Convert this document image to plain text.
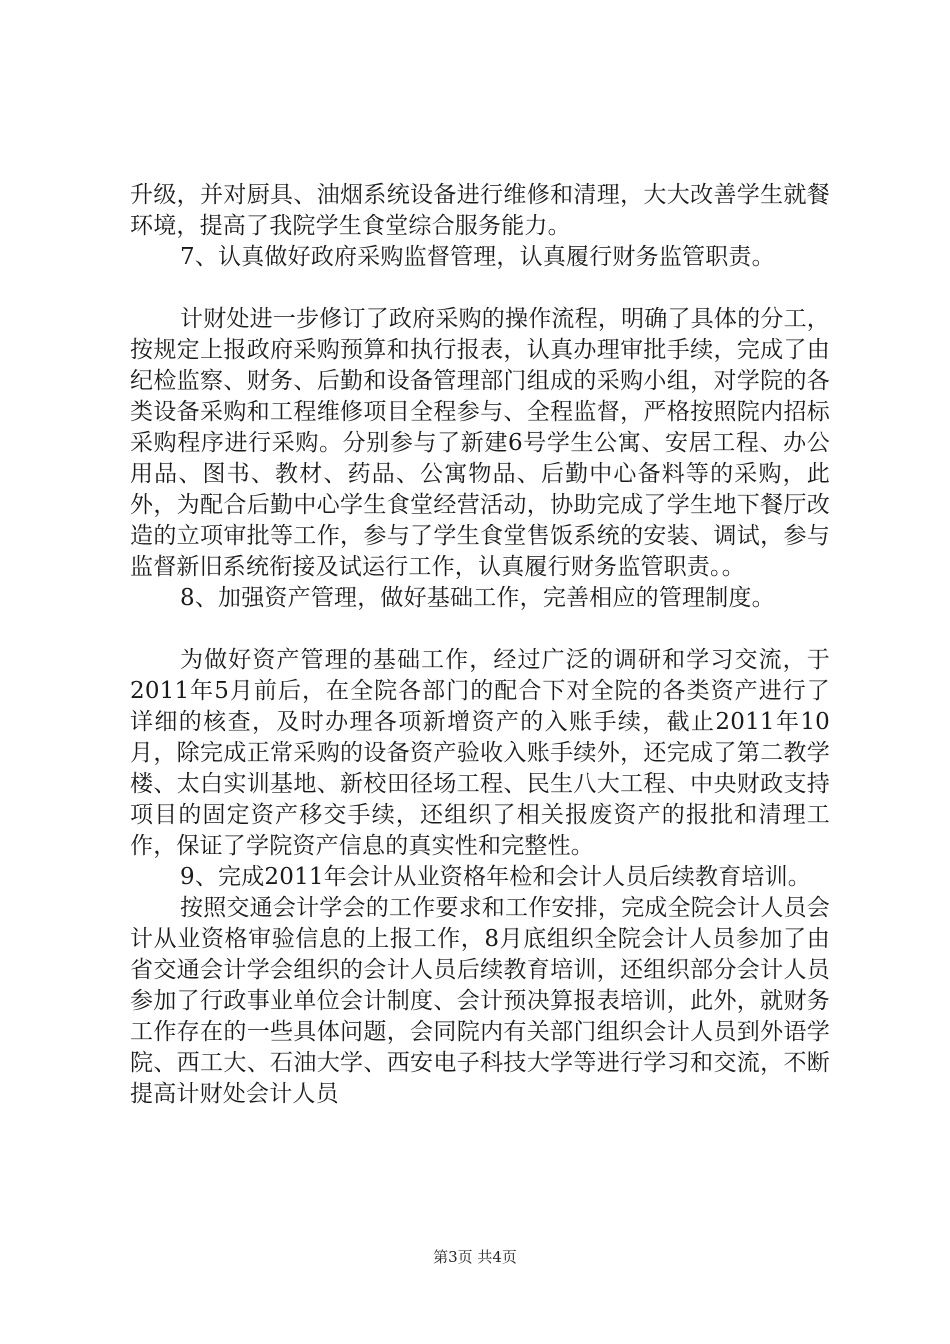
升级，并对厨具、油烟系统设备进行维修和清理，大大改善学生就餐环境，提高了我院学生食堂综合服务能力。

7、认真做好政府采购监督管理，认真履行财务监管职责。

计财处进一步修订了政府采购的操作流程，明确了具体的分工，按规定上报政府采购预算和执行报表，认真办理审批手续，完成了由纪检监察、财务、后勤和设备管理部门组成的采购小组，对学院的各类设备采购和工程维修项目全程参与、全程监督，严格按照院内招标采购程序进行采购。分别参与了新建6号学生公寓、安居工程、办公用品、图书、教材、药品、公寓物品、后勤中心备料等的采购，此外，为配合后勤中心学生食堂经营活动，协助完成了学生地下餐厅改造的立项审批等工作，参与了学生食堂售饭系统的安装、调试，参与监督新旧系统衔接及试运行工作，认真履行财务监管职责。。

8、加强资产管理，做好基础工作，完善相应的管理制度。

为做好资产管理的基础工作，经过广泛的调研和学习交流，于2011年5月前后，在全院各部门的配合下对全院的各类资产进行了详细的核查，及时办理各项新增资产的入账手续，截止2011年10月，除完成正常采购的设备资产验收入账手续外，还完成了第二教学楼、太白实训基地、新校田径场工程、民生八大工程、中央财政支持项目的固定资产移交手续，还组织了相关报废资产的报批和清理工作，保证了学院资产信息的真实性和完整性。

9、完成2011年会计从业资格年检和会计人员后续教育培训。

按照交通会计学会的工作要求和工作安排，完成全院会计人员会计从业资格审验信息的上报工作，8月底组织全院会计人员参加了由省交通会计学会组织的会计人员后续教育培训，还组织部分会计人员参加了行政事业单位会计制度、会计预决算报表培训，此外，就财务工作存在的一些具体问题，会同院内有关部门组织会计人员到外语学院、西工大、石油大学、西安电子科技大学等进行学习和交流，不断提高计财处会计人员

第3页 共4页
